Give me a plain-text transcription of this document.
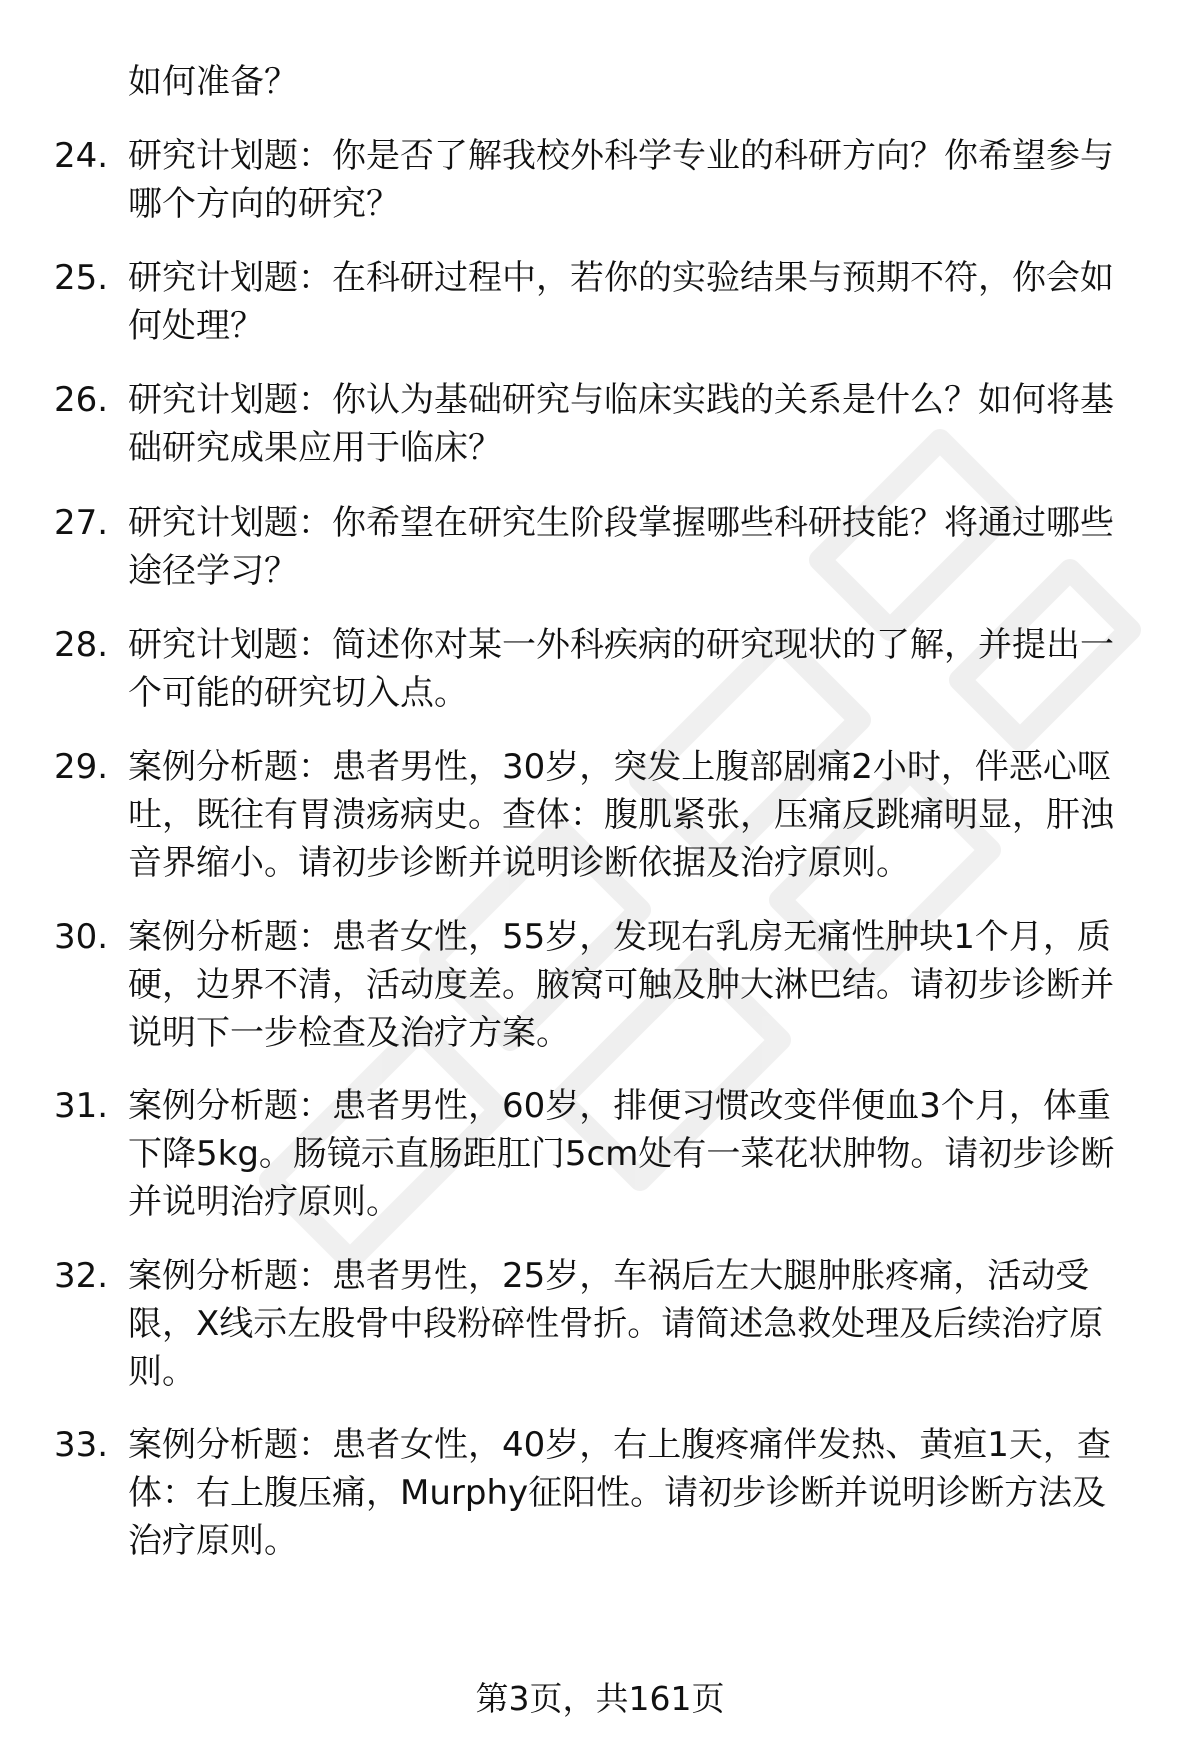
如何准备？
24. 研究计划题：你是否了解我校外科学专业的科研方向？你希望参与哪个方向的研究？
25. 研究计划题：在科研过程中，若你的实验结果与预期不符，你会如何处理？
26. 研究计划题：你认为基础研究与临床实践的关系是什么？如何将基础研究成果应用于临床？
27. 研究计划题：你希望在研究生阶段掌握哪些科研技能？将通过哪些途径学习？
28. 研究计划题：简述你对某一外科疾病的研究现状的了解，并提出一个可能的研究切入点。
29. 案例分析题：患者男性，30岁，突发上腹部剧痛2小时，伴恶心呕吐，既往有胃溃疡病史。查体：腹肌紧张，压痛反跳痛明显，肝浊音界缩小。请初步诊断并说明诊断依据及治疗原则。
30. 案例分析题：患者女性，55岁，发现右乳房无痛性肿块1个月，质硬，边界不清，活动度差。腋窝可触及肿大淋巴结。请初步诊断并说明下一步检查及治疗方案。
31. 案例分析题：患者男性，60岁，排便习惯改变伴便血3个月，体重下降5kg。肠镜示直肠距肛门5cm处有一菜花状肿物。请初步诊断并说明治疗原则。
32. 案例分析题：患者男性，25岁，车祸后左大腿肿胀疼痛，活动受限，X线示左股骨中段粉碎性骨折。请简述急救处理及后续治疗原则。
33. 案例分析题：患者女性，40岁，右上腹疼痛伴发热、黄疸1天，查体：右上腹压痛，Murphy征阳性。请初步诊断并说明诊断方法及治疗原则。
第3页，共161页
